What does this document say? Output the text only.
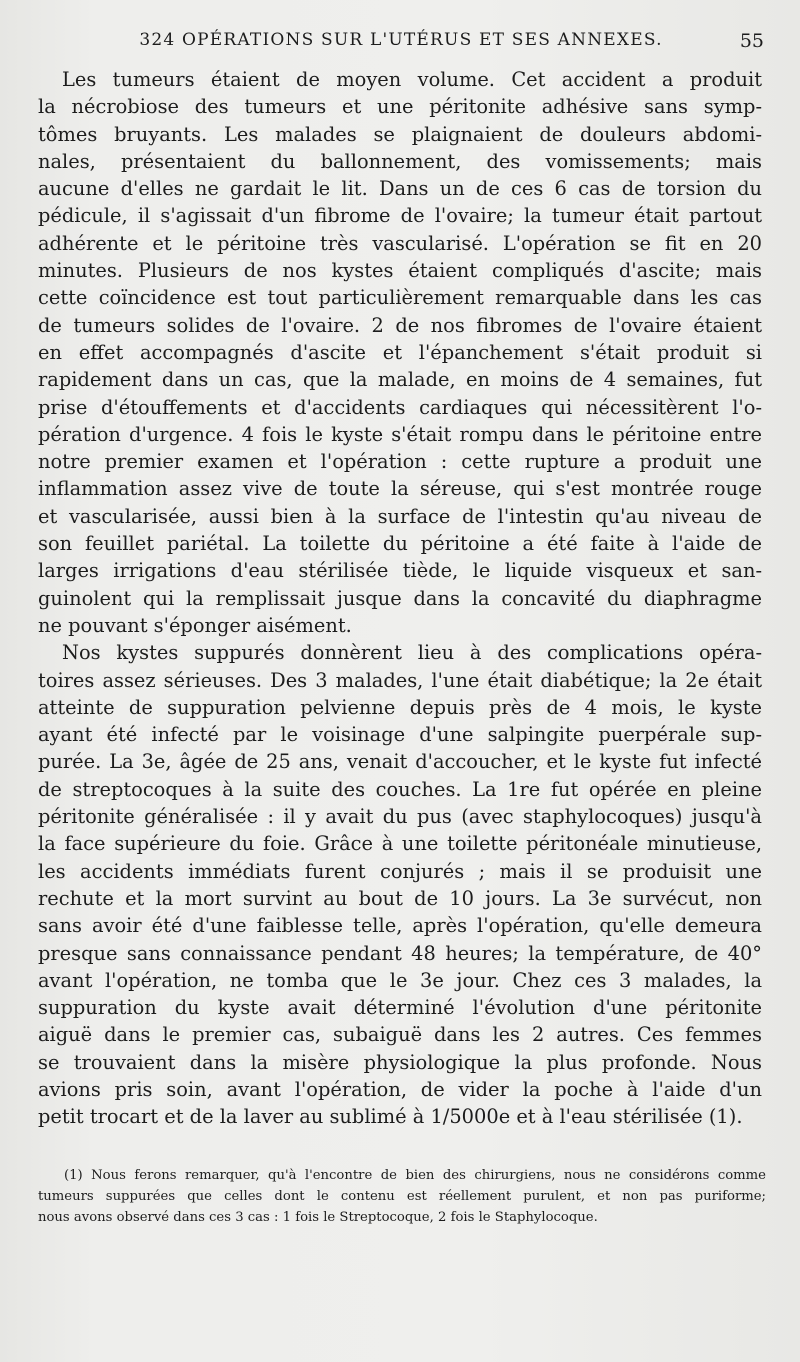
324 OPÉRATIONS SUR L'UTÉRUS ET SES ANNEXES.	55
Les tumeurs étaient de moyen volume. Cet accident a produit
la nécrobiose des tumeurs et une péritonite adhésive sans symp-
tômes bruyants. Les malades se plaignaient de douleurs abdomi-
nales, présentaient du ballonnement, des vomissements; mais
aucune d'elles ne gardait le lit. Dans un de ces 6 cas de torsion du
pédicule, il s'agissait d'un fibrome de l'ovaire; la tumeur était partout
adhérente et le péritoine très vascularisé. L'opération se fit en 20
minutes. Plusieurs de nos kystes étaient compliqués d'ascite; mais
cette coïncidence est tout particulièrement remarquable dans les cas
de tumeurs solides de l'ovaire. 2 de nos fibromes de l'ovaire étaient
en effet accompagnés d'ascite et l'épanchement s'était produit si
rapidement dans un cas, que la malade, en moins de 4 semaines, fut
prise d'étouffements et d'accidents cardiaques qui nécessitèrent l'o-
pération d'urgence. 4 fois le kyste s'était rompu dans le péritoine entre
notre premier examen et l'opération : cette rupture a produit une
inflammation assez vive de toute la séreuse, qui s'est montrée rouge
et vascularisée, aussi bien à la surface de l'intestin qu'au niveau de
son feuillet pariétal. La toilette du péritoine a été faite à l'aide de
larges irrigations d'eau stérilisée tiède, le liquide visqueux et san-
guinolent qui la remplissait jusque dans la concavité du diaphragme
ne pouvant s'éponger aisément.
Nos kystes suppurés donnèrent lieu à des complications opéra-
toires assez sérieuses. Des 3 malades, l'une était diabétique; la 2e était
atteinte de suppuration pelvienne depuis près de 4 mois, le kyste
ayant été infecté par le voisinage d'une salpingite puerpérale sup-
purée. La 3e, âgée de 25 ans, venait d'accoucher, et le kyste fut infecté
de streptocoques à la suite des couches. La 1re fut opérée en pleine
péritonite généralisée : il y avait du pus (avec staphylocoques) jusqu'à
la face supérieure du foie. Grâce à une toilette péritonéale minutieuse,
les accidents immédiats furent conjurés ; mais il se produisit une
rechute et la mort survint au bout de 10 jours. La 3e survécut, non
sans avoir été d'une faiblesse telle, après l'opération, qu'elle demeura
presque sans connaissance pendant 48 heures; la température, de 40°
avant l'opération, ne tomba que le 3e jour. Chez ces 3 malades, la
suppuration du kyste avait déterminé l'évolution d'une péritonite
aiguë dans le premier cas, subaiguë dans les 2 autres. Ces femmes
se trouvaient dans la misère physiologique la plus profonde. Nous
avions pris soin, avant l'opération, de vider la poche à l'aide d'un
petit trocart et de la laver au sublimé à 1/5000e et à l'eau stérilisée (1).
(1) Nous ferons remarquer, qu'à l'encontre de bien des chirurgiens, nous ne considérons comme
tumeurs suppurées que celles dont le contenu est réellement purulent, et non pas puriforme;
nous avons observé dans ces 3 cas : 1 fois le Streptocoque, 2 fois le Staphylocoque.
